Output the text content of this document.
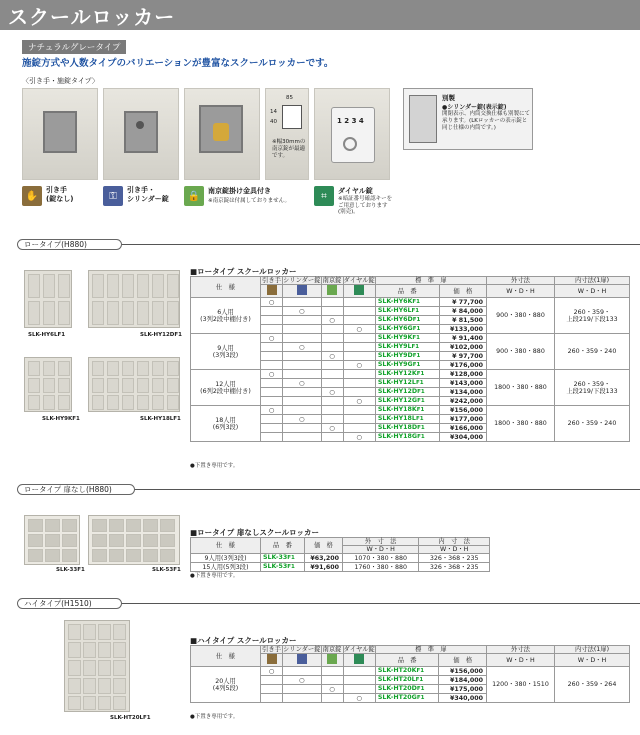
スクールロッカー
ナチュラルグレータイプ
施錠方式や人数タイプのバリエーションが豊富なスクールロッカーです。
〈引き手・施錠タイプ〉
85
14
40
※幅30mmの南京錠が最適です。
1 2 3 4
別製
●シリンダー錠(表示錠)
開閉表示、内筒交換仕様も別製にて承ります。(LKロッカーの表示錠と同じ仕様の内筒です。)
✋
引き手
(錠なし)	⚿
引き手・
シリンダー錠	🔒	南京錠掛け金具付き
※南京錠は付属しておりません。	⌗	ダイヤル錠
※暗証番号確認キーをご用意しております(別売)。
ロータイプ(H880)
SLK-HY6LF1	SLK-HY12DF1
SLK-HY9KF1	SLK-HY18LF1
■ロータイプ スクールロッカー
仕　様	引き手	シリンダー錠	南京錠	ダイヤル錠	標　準　扉		外寸法	内寸法(1扉)
					品　番	価　格	W・D・H	W・D・H

6人用
(3列2段中棚付き)	○				SLK-HY6KF1	¥ 77,700	900・380・880	260・359・
上段219/下段133
		○			SLK-HY6LF1	¥ 84,000		
			○		SLK-HY6DF1	¥ 81,500		
				○	SLK-HY6GF1	¥133,000		
9人用
(3列3段)	○				SLK-HY9KF1	¥ 91,400	900・380・880	260・359・240
		○			SLK-HY9LF1	¥102,000		
			○		SLK-HY9DF1	¥ 97,700		
				○	SLK-HY9GF1	¥176,000		
12人用
(6列2段中棚付き)	○				SLK-HY12KF1	¥128,000	1800・380・880	260・359・
上段219/下段133
		○			SLK-HY12LF1	¥143,000		
			○		SLK-HY12DF1	¥134,000		
				○	SLK-HY12GF1	¥242,000		
18人用
(6列3段)	○				SLK-HY18KF1	¥156,000	1800・380・880	260・359・240
		○			SLK-HY18LF1	¥177,000		
			○		SLK-HY18DF1	¥166,000		
				○	SLK-HY18GF1	¥304,000		
●下置き専用です。
ロータイプ 扉なし(H880)
SLK-33F1	SLK-53F1
■ロータイプ 扉なしスクールロッカー
仕　様	品　番	価　格	外　寸　法	内　寸　法
			W・D・H	W・D・H
9人用(3列3段)	SLK-33F1	¥63,200	1070・380・880	326・368・235
15人用(5列3段)	SLK-53F1	¥91,600	1760・380・880	326・368・235
●下置き専用です。
ハイタイプ(H1510)
SLK-HT20LF1
■ハイタイプ スクールロッカー
仕　様	引き手	シリンダー錠	南京錠	ダイヤル錠	標　準　扉		外寸法	内寸法(1扉)
					品　番	価　格	W・D・H	W・D・H

20人用
(4列5段)	○				SLK-HT20KF1	¥156,000	1200・380・1510	260・359・264
		○			SLK-HT20LF1	¥184,000		
			○		SLK-HT20DF1	¥175,000		
				○	SLK-HT20GF1	¥340,000		
●下置き専用です。
